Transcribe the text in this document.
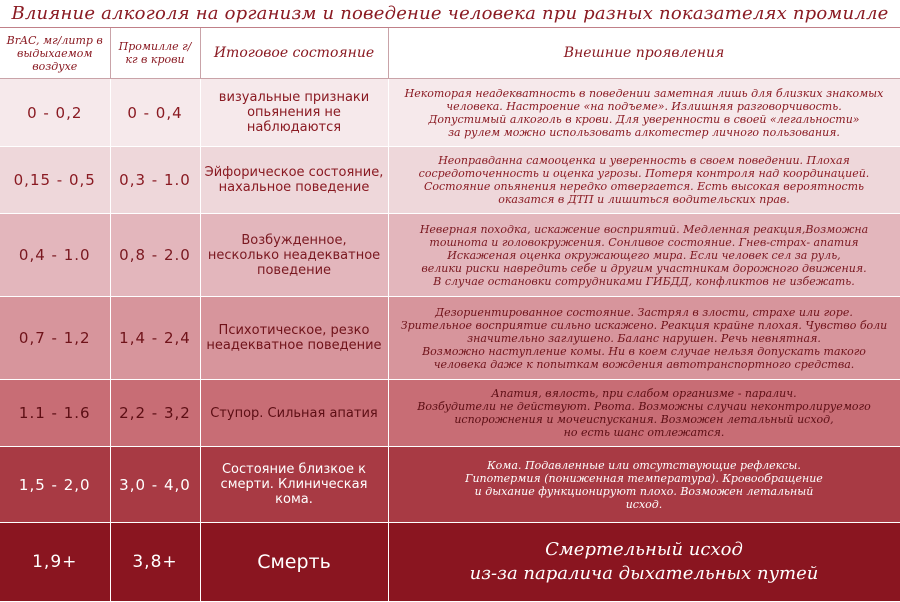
Влияние алкоголя на организм и поведение человека при разных показателях промилле
BrAC, мг/литр в выдыхаемом воздухе	Промилле г/кг в крови	Итоговое состояние	Внешние проявления
0 - 0,2	0 - 0,4	визуальные признаки опьянения не наблюдаются	Некоторая неадекватность в поведении заметная лишь для близких знакомых
человека. Настроение «на подъеме». Излишняя разговорчивость.
Допустимый алкоголь в крови. Для уверенности в своей «легальности»
за рулем можно использовать алкотестер личного пользования.

0,15 - 0,5	0,3 - 1.0	Эйфорическое состояние, нахальное поведение	Неоправданна самооценка и уверенность в своем поведении. Плохая
сосредоточенность и оценка угрозы. Потеря контроля над координацией.
Состояние опьянения нередко отвергается. Есть высокая вероятность
оказатся в ДТП и лишиться водительских прав.

0,4 - 1.0	0,8 - 2.0	Возбужденное, несколько неадекватное поведение	Неверная походка, искажение восприятий. Медленная реакция,Возможна
тошнота и головокружения. Сонливое состояние. Гнев-страх- апатия
Искаженая оценка окружающего мира. Если человек сел за руль,
велики риски навредить себе и другим участникам дорожного движения.
В случае остановки сотрудниками ГИБДД, конфликтов не избежать.

0,7 - 1,2	1,4 - 2,4	Психотическое, резко неадекватное поведение	Дезориентированное состояние. Застрял в злости, страхе или горе.
Зрительное восприятие сильно искажено. Реакция крайне плохая. Чувство боли
значительно заглушено. Баланс нарушен. Речь невнятная.
Возможно наступление комы. Ни в коем случае нельзя допускать такого
человека даже к попыткам вождения автотранспортного средства.

1.1 - 1.6	2,2 - 3,2	Ступор. Сильная апатия	Апатия, вялость, при слабом организме - паралич.
Возбудители не действуют. Рвота. Возможны случаи неконтролируемого
испорожнения и мочеиспускания. Возможен летальный исход,
но есть шанс отлежатся.

1,5 - 2,0	3,0 - 4,0	Состояние близкое к смерти. Клиническая кома.	Кома. Подавленные или отсутствующие рефлексы.
Гипотермия (пониженная температура). Кровообращение
и дыхание функционируют плохо. Возможен летальный
исход.

1,9+	3,8+	Смерть	Смертельный исход
из-за паралича дыхательных путей
